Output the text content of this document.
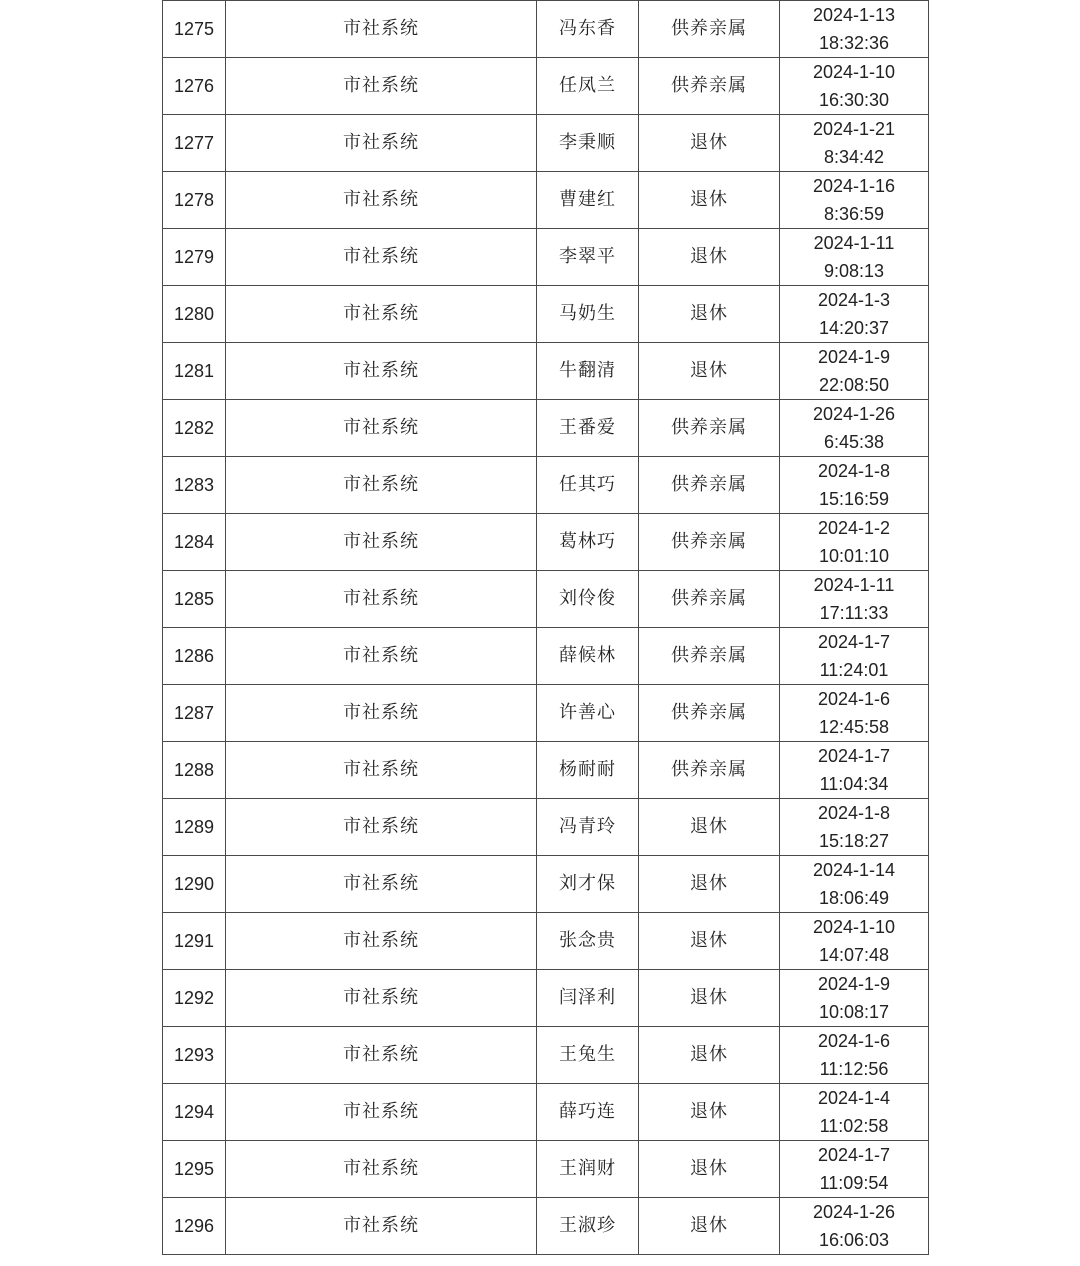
1275	市社系统	冯东香	供养亲属	2024-1-13
18:32:36

1276	市社系统	任凤兰	供养亲属	2024-1-10
16:30:30

1277	市社系统	李秉顺	退休	2024-1-21
8:34:42

1278	市社系统	曹建红	退休	2024-1-16
8:36:59

1279	市社系统	李翠平	退休	2024-1-11
9:08:13

1280	市社系统	马奶生	退休	2024-1-3
14:20:37

1281	市社系统	牛翻清	退休	2024-1-9
22:08:50

1282	市社系统	王番爱	供养亲属	2024-1-26
6:45:38

1283	市社系统	任其巧	供养亲属	2024-1-8
15:16:59

1284	市社系统	葛林巧	供养亲属	2024-1-2
10:01:10

1285	市社系统	刘伶俊	供养亲属	2024-1-11
17:11:33

1286	市社系统	薛候林	供养亲属	2024-1-7
11:24:01

1287	市社系统	许善心	供养亲属	2024-1-6
12:45:58

1288	市社系统	杨耐耐	供养亲属	2024-1-7
11:04:34

1289	市社系统	冯青玲	退休	2024-1-8
15:18:27

1290	市社系统	刘才保	退休	2024-1-14
18:06:49

1291	市社系统	张念贵	退休	2024-1-10
14:07:48

1292	市社系统	闫泽利	退休	2024-1-9
10:08:17

1293	市社系统	王兔生	退休	2024-1-6
11:12:56

1294	市社系统	薛巧连	退休	2024-1-4
11:02:58

1295	市社系统	王润财	退休	2024-1-7
11:09:54

1296	市社系统	王淑珍	退休	2024-1-26
16:06:03
